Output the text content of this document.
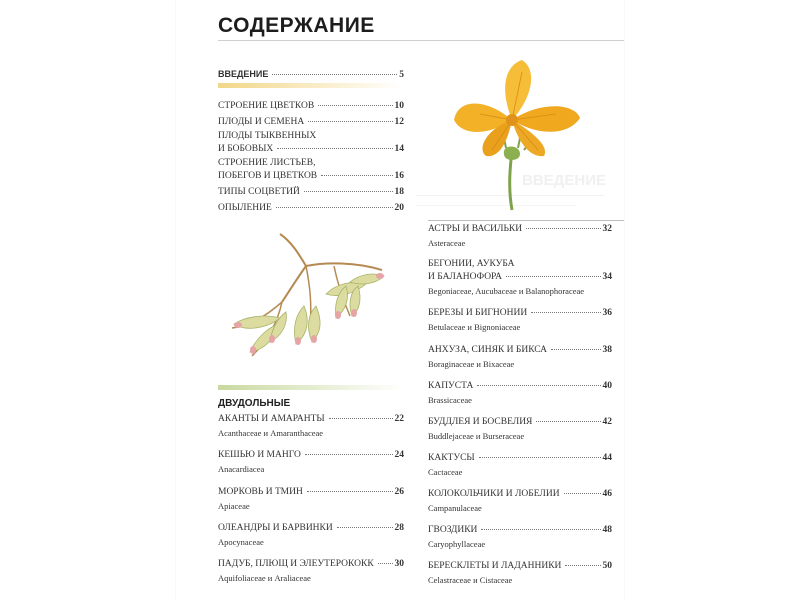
ВВЕДЕНИЕ
СОДЕРЖАНИЕ
ВВЕДЕНИЕ	5
СТРОЕНИЕ ЦВЕТКОВ	10
ПЛОДЫ И СЕМЕНА	12
ПЛОДЫ ТЫКВЕННЫХ
И БОБОВЫХ	14
СТРОЕНИЕ ЛИСТЬЕВ,
ПОБЕГОВ И ЦВЕТКОВ	16
ТИПЫ СОЦВЕТИЙ	18
ОПЫЛЕНИЕ	20
АСТРЫ И ВАСИЛЬКИ	32
Asteraceae
БЕГОНИИ, АУКУБА
И БАЛАНОФОРА	34
Begoniaceae, Aucubaceae и Balanophoraceae
БЕРЕЗЫ И БИГНОНИИ	36
Betulaceae и Bignoniaceae
АНХУЗА, СИНЯК И БИКСА	38
Boraginaceae и Bixaceae
КАПУСТА	40
Brassicaceae
БУДДЛЕЯ И БОСВЕЛИЯ	42
Buddlejaceae и Burseraceae
КАКТУСЫ	44
Cactaceae
КОЛОКОЛЬЧИКИ И ЛОБЕЛИИ	46
Campanulaceae
ГВОЗДИКИ	48
Caryophyllaceae
БЕРЕСКЛЕТЫ И ЛАДАННИКИ	50
Celastraceae и Cistaceae
ДВУДОЛЬНЫЕ
АКАНТЫ И АМАРАНТЫ	22
Acanthaceae и Amaranthaceae
КЕШЬЮ И МАНГО	24
Anacardiacea
МОРКОВЬ И ТМИН	26
Apiaceae
ОЛЕАНДРЫ И БАРВИНКИ	28
Apocynaceae
ПАДУБ, ПЛЮЩ И ЭЛЕУТЕРОКОКК 30
Aquifoliaceae и Araliaceae
